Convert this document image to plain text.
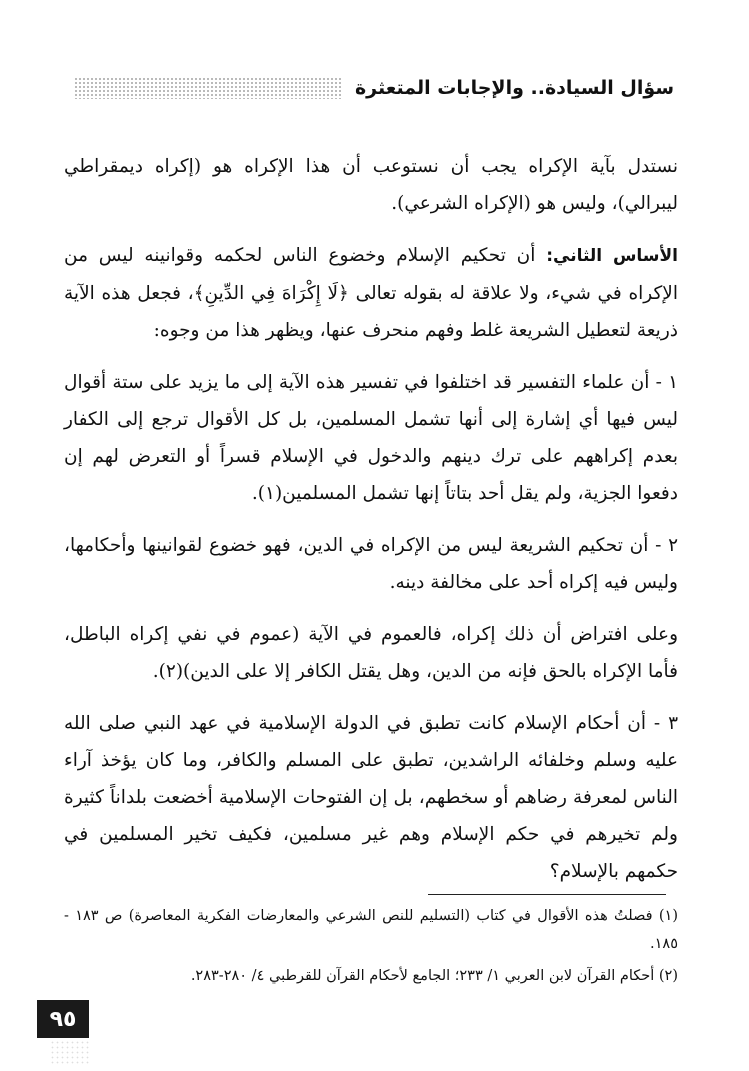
سؤال السيادة.. والإجابات المتعثرة

نستدل بآية الإكراه يجب أن نستوعب أن هذا الإكراه هو (إكراه ديمقراطي ليبرالي)، وليس هو (الإكراه الشرعي).

الأساس الثاني: أن تحكيم الإسلام وخضوع الناس لحكمه وقوانينه ليس من الإكراه في شيء، ولا علاقة له بقوله تعالى ﴿لَا إِكْرَاهَ فِي الدِّينِ﴾، فجعل هذه الآية ذريعة لتعطيل الشريعة غلط وفهم منحرف عنها، ويظهر هذا من وجوه:

١ - أن علماء التفسير قد اختلفوا في تفسير هذه الآية إلى ما يزيد على ستة أقوال ليس فيها أي إشارة إلى أنها تشمل المسلمين، بل كل الأقوال ترجع إلى الكفار بعدم إكراههم على ترك دينهم والدخول في الإسلام قسراً أو التعرض لهم إن دفعوا الجزية، ولم يقل أحد بتاتاً إنها تشمل المسلمين(١).

٢ - أن تحكيم الشريعة ليس من الإكراه في الدين، فهو خضوع لقوانينها وأحكامها، وليس فيه إكراه أحد على مخالفة دينه.

وعلى افتراض أن ذلك إكراه، فالعموم في الآية (عموم في نفي إكراه الباطل، فأما الإكراه بالحق فإنه من الدين، وهل يقتل الكافر إلا على الدين)(٢).

٣ - أن أحكام الإسلام كانت تطبق في الدولة الإسلامية في عهد النبي صلى الله عليه وسلم وخلفائه الراشدين، تطبق على المسلم والكافر، وما كان يؤخذ آراء الناس لمعرفة رضاهم أو سخطهم، بل إن الفتوحات الإسلامية أخضعت بلداناً كثيرة ولم تخيرهم في حكم الإسلام وهم غير مسلمين، فكيف تخير المسلمين في حكمهم بالإسلام؟

(١) فصلتُ هذه الأقوال في كتاب (التسليم للنص الشرعي والمعارضات الفكرية المعاصرة) ص ١٨٣ - ١٨٥.

(٢) أحكام القرآن لابن العربي ١/ ٢٣٣؛ الجامع لأحكام القرآن للقرطبي ٤/ ٢٨٠-٢٨٣.

٩٥
